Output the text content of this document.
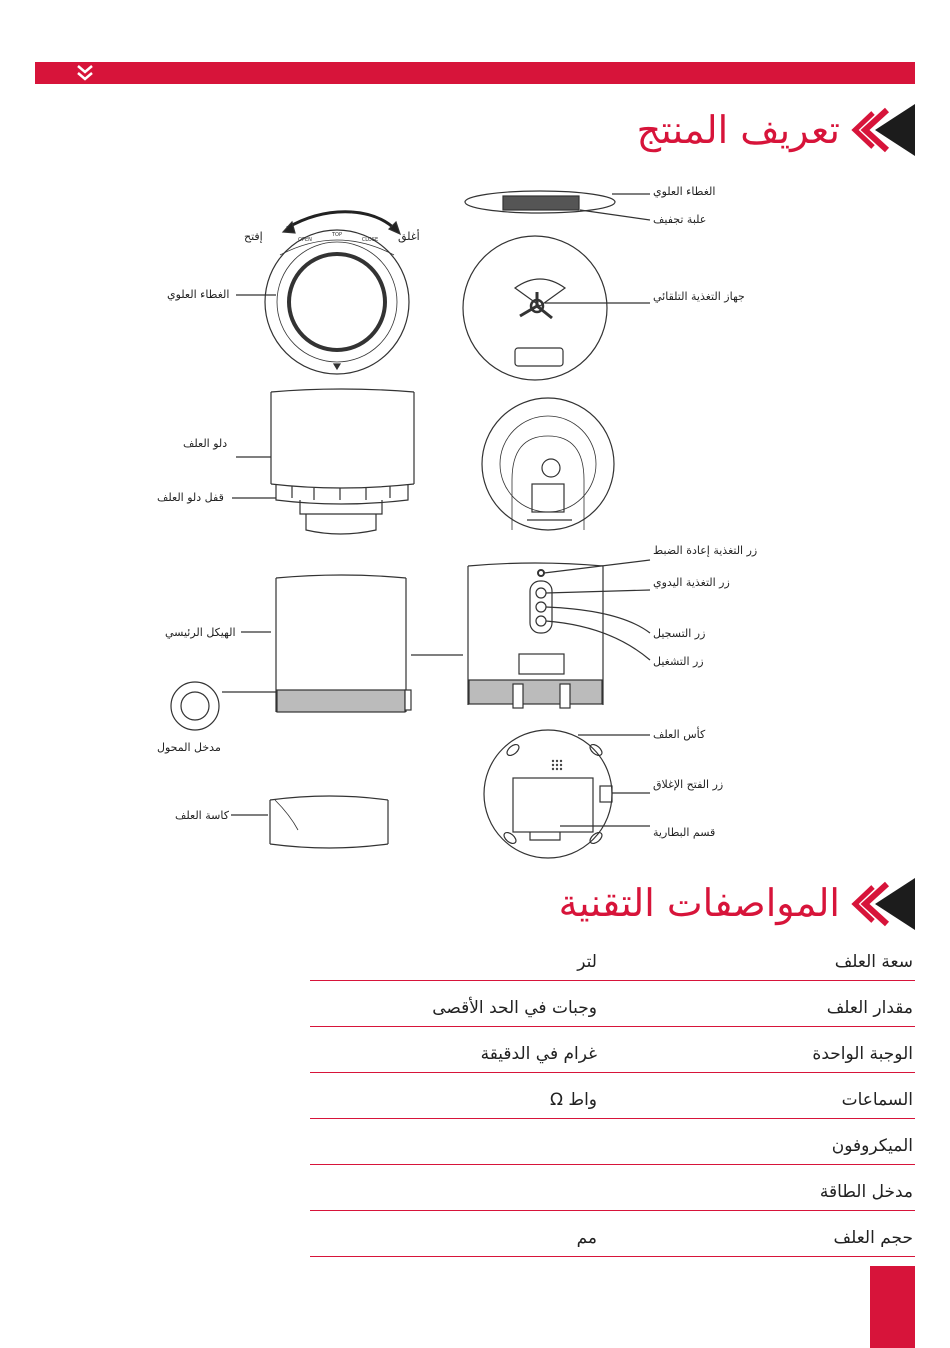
تعريف المنتج
TOP
OPEN	CLOSE
إفتح	أغلق
الغطاء العلوي
دلو العلف
قفل دلو العلف
الهيكل الرئيسي
مدخل المحول
كاسة العلف
الغطاء العلوي
علبة تجفيف
جهاز التغذية التلقائي
زر التغذية إعادة الضبط
زر التغذية اليدوي
زر التسجيل
زر التشغيل
كأس العلف
زر الفتح الإغلاق
قسم البطارية
المواصفات التقنية
سعة العلف
لتر
مقدار العلف
وجبات في الحد الأقصى
الوجبة الواحدة
غرام في الدقيقة
السماعات
واط Ω
الميكروفون
مدخل الطاقة
حجم العلف
مم
